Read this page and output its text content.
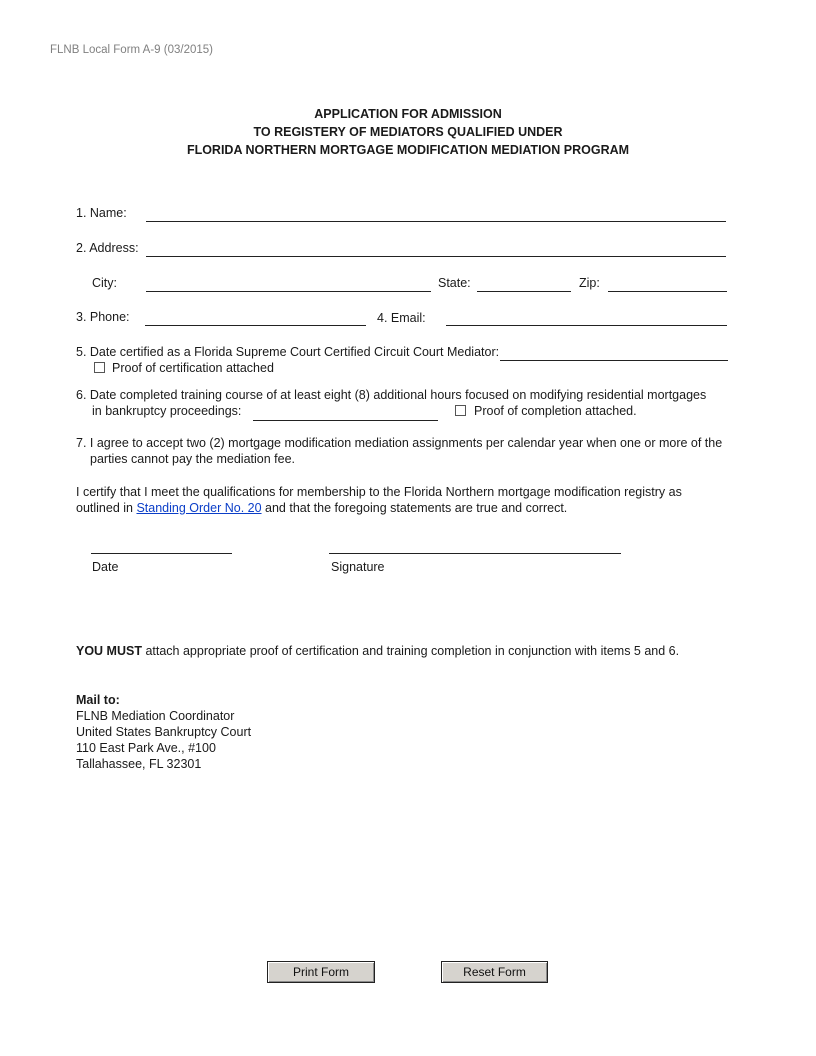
FLNB Local Form A-9 (03/2015)
APPLICATION FOR ADMISSION
TO REGISTERY OF MEDIATORS QUALIFIED UNDER
FLORIDA NORTHERN MORTGAGE MODIFICATION MEDIATION PROGRAM
1. Name:
2. Address:
City:	State:	Zip:
3. Phone:	4. Email:
5. Date certified as a Florida Supreme Court Certified Circuit Court Mediator:
Proof of certification attached
6. Date completed training course of at least eight (8) additional hours focused on modifying residential mortgages
in bankruptcy proceedings:	Proof of completion attached.
7. I agree to accept two (2) mortgage modification mediation assignments per calendar year when one or more of the
parties cannot pay the mediation fee.
I certify that I meet the qualifications for membership to the Florida Northern mortgage modification registry as
outlined in Standing Order No. 20 and that the foregoing statements are true and correct.
Date	Signature
YOU MUST attach appropriate proof of certification and training completion in conjunction with items 5 and 6.
Mail to:
FLNB Mediation Coordinator
United States Bankruptcy Court
110 East Park Ave., #100
Tallahassee, FL 32301
Print Form	Reset Form
